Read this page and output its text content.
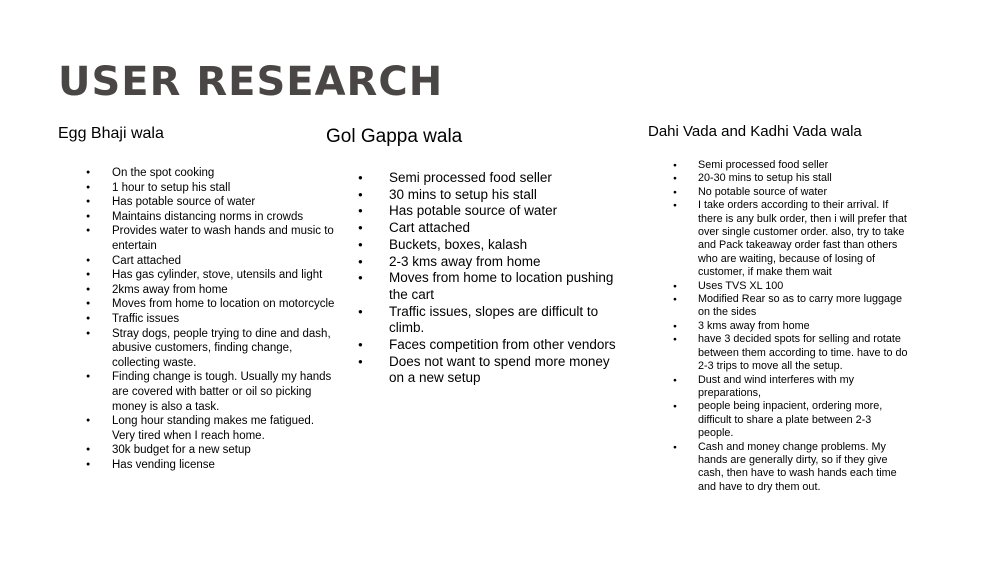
USER RESEARCH
Egg Bhaji wala
● On the spot cooking
● 1 hour to setup his stall
● Has potable source of water
● Maintains distancing norms in crowds
● Provides water to wash hands and music to entertain
● Cart attached
● Has gas cylinder, stove, utensils and light
● 2kms away from home
● Moves from home to location on motorcycle
● Traffic issues
● Stray dogs, people trying to dine and dash, abusive customers, finding change, collecting waste.
● Finding change is tough. Usually my hands are covered with batter or oil so picking money is also a task.
● Long hour standing makes me fatigued. Very tired when I reach home.
● 30k budget for a new setup
● Has vending license
Gol Gappa wala
● Semi processed food seller
● 30 mins to setup his stall
● Has potable source of water
● Cart attached
● Buckets, boxes, kalash
● 2-3 kms away from home
● Moves from home to location pushing the cart
● Traffic issues, slopes are difficult to climb.
● Faces competition from other vendors
● Does not want to spend more money on a new setup
Dahi Vada and Kadhi Vada wala
● Semi processed food seller
● 20-30 mins to setup his stall
● No potable source of water
● I take orders according to their arrival. If there is any bulk order, then i will prefer that over single customer order. also, try to take and Pack takeaway order fast than others who are waiting, because of losing of customer, if make them wait
● Uses TVS XL 100
● Modified Rear so as to carry more luggage on the sides
● 3 kms away from home
● have 3 decided spots for selling and rotate between them according to time. have to do 2-3 trips to move all the setup.
● Dust and wind interferes with my preparations,
● people being inpacient, ordering more, difficult to share a plate between 2-3 people.
● Cash and money change problems. My hands are generally dirty, so if they give cash, then have to wash hands each time and have to dry them out.
